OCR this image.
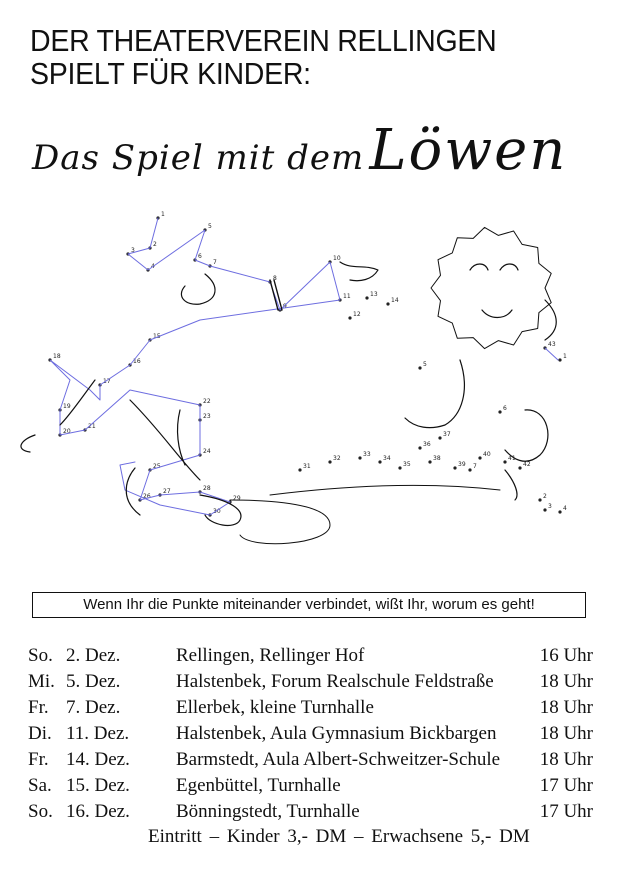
DER THEATERVEREIN RELLINGEN
SPIELT FÜR KINDER:
Das Spiel mit dem Löwen
1
2
3
4
5
6
7
8
9
10
11
12
13
14
15
16
17
18
19
20
21
22
23
24
25
26
27	28
29
30
31
32
33
34
35
36
37
38
39
40
41
42
43
1
2
3 4
5
6
7
Wenn Ihr die Punkte miteinander verbindet, wißt Ihr, worum es geht!
So. 2. Dez.	Rellingen, Rellinger Hof	16 Uhr
Mi. 5. Dez.	Halstenbek, Forum Realschule Feldstraße	18 Uhr
Fr. 7. Dez.	Ellerbek, kleine Turnhalle	18 Uhr
Di. 11. Dez.	Halstenbek, Aula Gymnasium Bickbargen	18 Uhr
Fr. 14. Dez.	Barmstedt, Aula Albert-Schweitzer-Schule	18 Uhr
Sa. 15. Dez.	Egenbüttel, Turnhalle	17 Uhr
So. 16. Dez.	Bönningstedt, Turnhalle	17 Uhr
Eintritt – Kinder 3,- DM – Erwachsene 5,- DM
